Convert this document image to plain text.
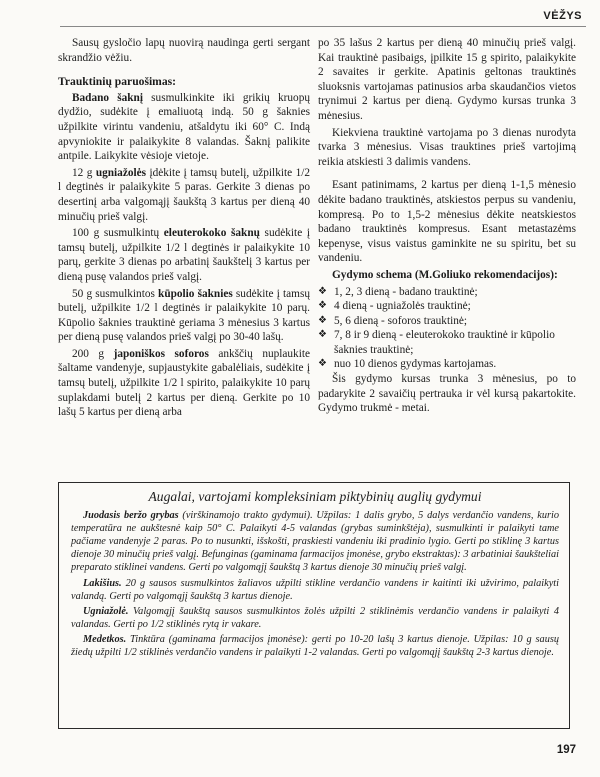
VĖŽYS

Sausų gysločio lapų nuovirą naudinga gerti sergant skrandžio vėžiu.

Trauktinių paruošimas:

Badano šaknį susmulkinkite iki grikių kruopų dydžio, sudėkite į emaliuotą indą. 50 g šaknies užpilkite virintu vandeniu, atšaldytu iki 60° C. Indą apvyniokite ir palaikykite 8 valandas. Šaknį palikite antpile. Laikykite vėsioje vietoje.

12 g ugniažolės įdėkite į tamsų butelį, užpilkite 1/2 l degtinės ir palaikykite 5 paras. Gerkite 3 dienas po desertinį arba valgomąjį šaukštą 3 kartus per dieną 40 minučių prieš valgį.

100 g susmulkintų eleuterokoko šaknų sudėkite į tamsų butelį, užpilkite 1/2 l degtinės ir palaikykite 10 parų, gerkite 3 dienas po arbatinį šaukštelį 3 kartus per dieną pusę valandos prieš valgį.

50 g susmulkintos kūpolio šaknies sudėkite į tamsų butelį, užpilkite 1/2 l degtinės ir palaikykite 10 parų. Kūpolio šaknies trauktinė geriama 3 mėnesius 3 kartus per dieną pusę valandos prieš valgį po 30-40 lašų.

200 g japoniškos soforos ankščių nuplaukite šaltame vandenyje, supjaustykite gabalėliais, sudėkite į tamsų butelį, užpilkite 1/2 l spirito, palaikykite 10 parų suplakdami butelį 2 kartus per dieną. Gerkite po 10 lašų 5 kartus per dieną arba

po 35 lašus 2 kartus per dieną 40 minučių prieš valgį. Kai trauktinė pasibaigs, įpilkite 15 g spirito, palaikykite 2 savaites ir gerkite. Apatinis geltonas trauktinės sluoksnis vartojamas patinusios arba skaudančios vietos trynimui 2 kartus per dieną. Gydymo kursas trunka 3 mėnesius.

Kiekviena trauktinė vartojama po 3 dienas nurodyta tvarka 3 mėnesius. Visas trauktines prieš vartojimą reikia atskiesti 3 dalimis vandens.

Esant patinimams, 2 kartus per dieną 1-1,5 mėnesio dėkite badano trauktinės, atskiestos perpus su vandeniu, kompresą. Po to 1,5-2 mėnesius dėkite neatskiestos badano trauktinės kompresus. Esant metastazėms kepenyse, visus vaistus gaminkite ne su spiritu, bet su vandeniu.

Gydymo schema (M.Goliuko rekomendacijos):

❖ 1, 2, 3 dieną - badano trauktinė;
❖ 4 dieną - ugniažolės trauktinė;
❖ 5, 6 dieną - soforos trauktinė;
❖ 7, 8 ir 9 dieną - eleuterokoko trauktinė ir kūpolio šaknies trauktinė;
❖ nuo 10 dienos gydymas kartojamas.

Šis gydymo kursas trunka 3 mėnesius, po to padarykite 2 savaičių pertrauka ir vėl kursą pakartokite. Gydymo trukmė - metai.

Augalai, vartojami kompleksiniam piktybinių auglių gydymui

Juodasis beržo grybas (virškinamojo trakto gydymui). Užpilas: 1 dalis grybo, 5 dalys verdančio vandens, kurio temperatūra ne aukštesnė kaip 50° C. Palaikyti 4-5 valandas (grybas suminkštėja), susmulkinti ir palaikyti tame pačiame vandenyje 2 paras. Po to nusunkti, išskošti, praskiesti vandeniu iki pradinio lygio. Gerti po stiklinę 3 kartus dienoje 30 minučių prieš valgį. Befunginas (gaminama farmacijos įmonėse, grybo ekstraktas): 3 arbatiniai šaukšteliai preparato stiklinei vandens. Gerti po valgomąjį šaukštą 3 kartus dienoje 30 minučių prieš valgį.

Lakišius. 20 g sausos susmulkintos žaliavos užpilti stikline verdančio vandens ir kaitinti iki užvirimo, palaikyti valandą. Gerti po valgomąjį šaukštą 3 kartus dienoje.

Ugniažolė. Valgomąjį šaukštą sausos susmulkintos žolės užpilti 2 stiklinėmis verdančio vandens ir palaikyti 4 valandas. Gerti po 1/2 stiklinės rytą ir vakare.

Medetkos. Tinktūra (gaminama farmacijos įmonėse): gerti po 10-20 lašų 3 kartus dienoje. Užpilas: 10 g sausų žiedų užpilti 1/2 stiklinės verdančio vandens ir palaikyti 1-2 valandas. Gerti po valgomąjį šaukštą 2-3 kartus dienoje.

197
